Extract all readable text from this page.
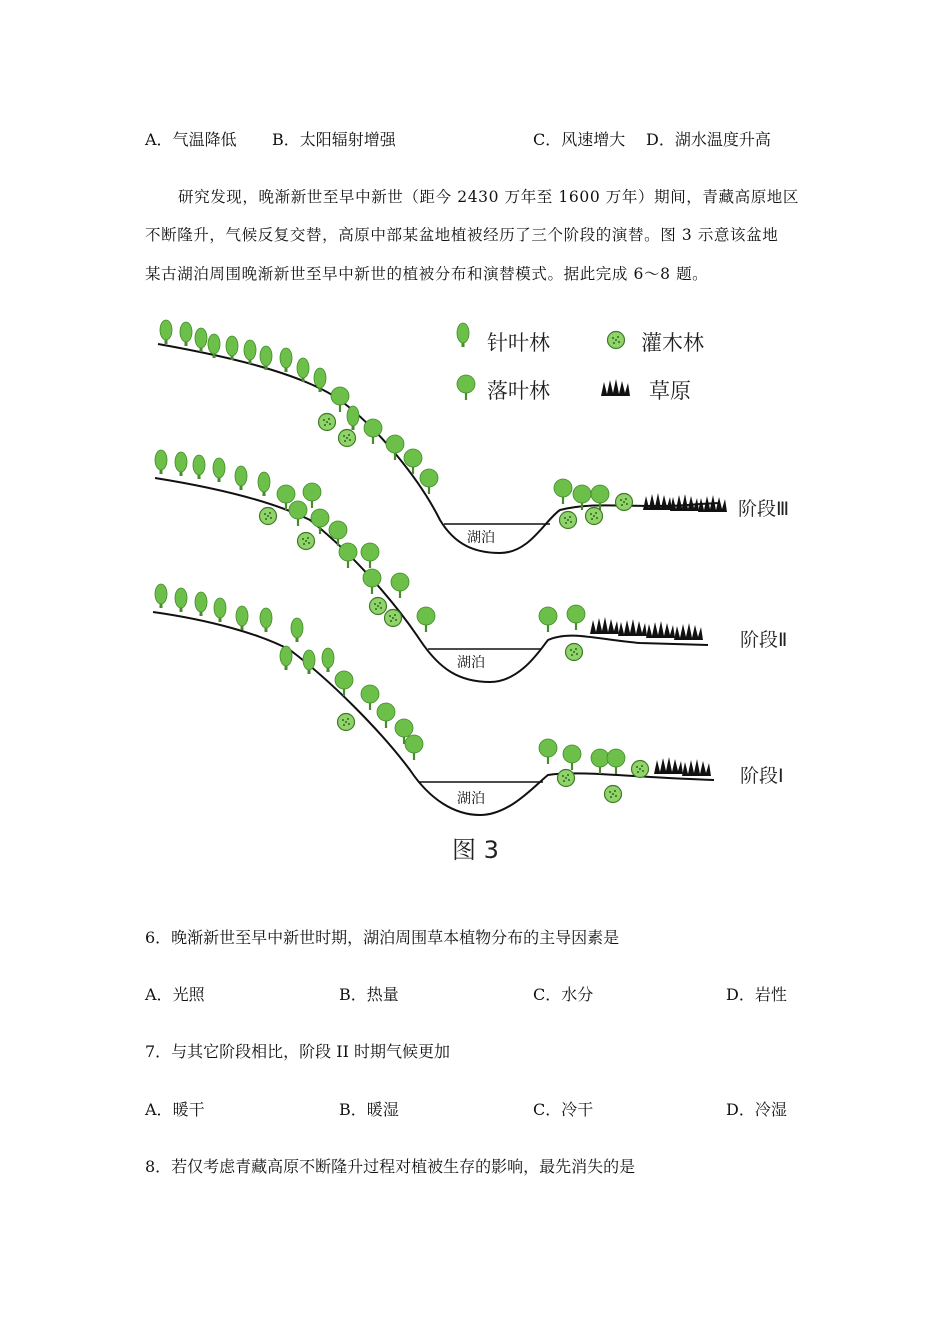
A．气温降低 B．太阳辐射增强	C．风速增大 D．湖水温度升高
研究发现，晚渐新世至早中新世（距今 2430 万年至 1600 万年）期间，青藏高原地区
不断隆升，气候反复交替，高原中部某盆地植被经历了三个阶段的演替。图 3 示意该盆地
某古湖泊周围晚渐新世至早中新世的植被分布和演替模式。据此完成 6～8 题。
针叶林	灌木林
落叶林	草原
湖泊
阶段Ⅲ
湖泊
阶段Ⅱ
湖泊
阶段Ⅰ
图 3
6．晚渐新世至早中新世时期，湖泊周围草本植物分布的主导因素是
A．光照	B．热量	C．水分	D．岩性
7．与其它阶段相比，阶段 II 时期气候更加
A．暖干	B．暖湿	C．冷干	D．冷湿
8．若仅考虑青藏高原不断隆升过程对植被生存的影响，最先消失的是
